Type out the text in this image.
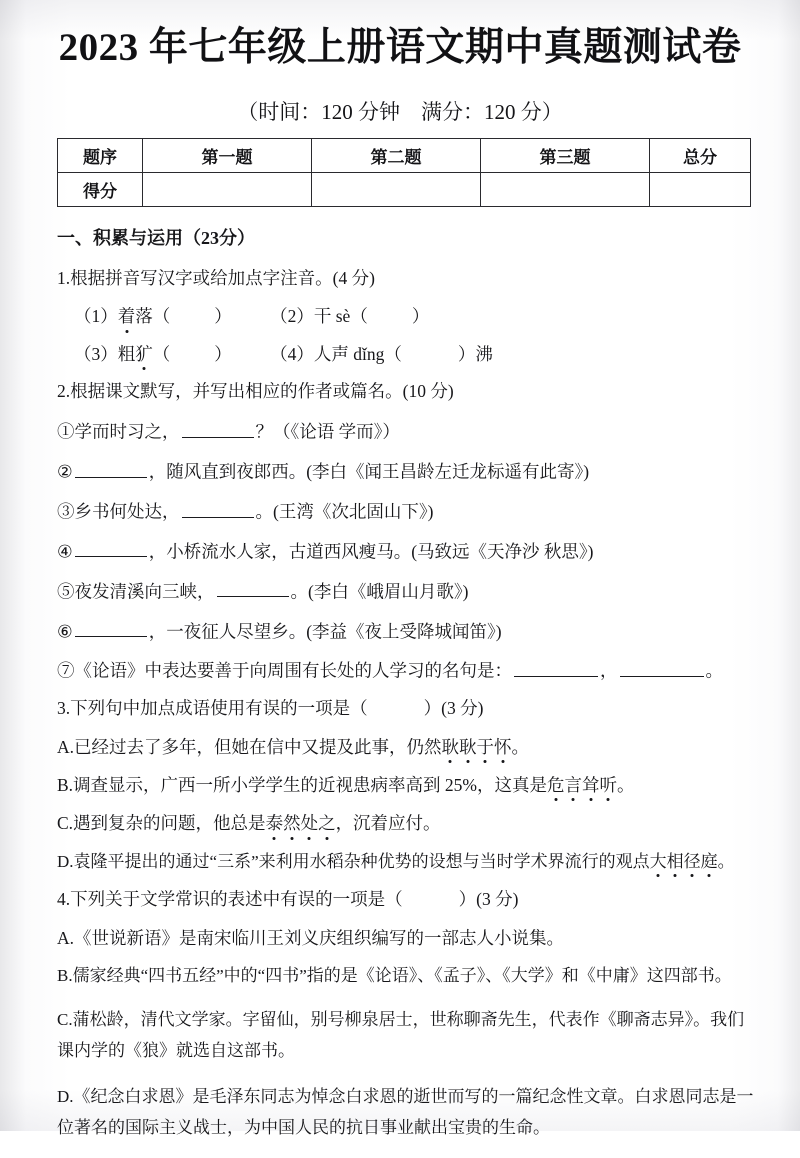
2023 年七年级上册语文期中真题测试卷
（时间：120 分钟　满分：120 分）
题序	第一题	第二题	第三题	总分
得分				
一、积累与运用（23分）
1.根据拼音写汉字或给加点字注音。(4 分)
（1）着落（	） （2）干 sè（	）
（3）粗犷（	） （4）人声 dǐng（	）沸
2.根据课文默写，并写出相应的作者或篇名。(10 分)
①学而时习之，	？（《论语 学而》）
②	，随风直到夜郎西。(李白《闻王昌龄左迁龙标遥有此寄》)
③乡书何处达，	。(王湾《次北固山下》)
④	，小桥流水人家，古道西风瘦马。(马致远《天净沙 秋思》)
⑤夜发清溪向三峡，	。(李白《峨眉山月歌》)
⑥	，一夜征人尽望乡。(李益《夜上受降城闻笛》)
⑦《论语》中表达要善于向周围有长处的人学习的名句是：	，	。
3.下列句中加点成语使用有误的一项是（	）(3 分)
A.已经过去了多年，但她在信中又提及此事，仍然耿耿于怀。
B.调查显示，广西一所小学学生的近视患病率高到 25%，这真是危言耸听。
C.遇到复杂的问题，他总是泰然处之，沉着应付。
D.袁隆平提出的通过“三系”来利用水稻杂种优势的设想与当时学术界流行的观点大相径庭。
4.下列关于文学常识的表述中有误的一项是（	）(3 分)
A.《世说新语》是南宋临川王刘义庆组织编写的一部志人小说集。
B.儒家经典“四书五经”中的“四书”指的是《论语》、《孟子》、《大学》和《中庸》这四部书。
C.蒲松龄，清代文学家。字留仙，别号柳泉居士，世称聊斋先生，代表作《聊斋志异》。我们课内学的《狼》就选自这部书。
D.《纪念白求恩》是毛泽东同志为悼念白求恩的逝世而写的一篇纪念性文章。白求恩同志是一位著名的国际主义战士，为中国人民的抗日事业献出宝贵的生命。
